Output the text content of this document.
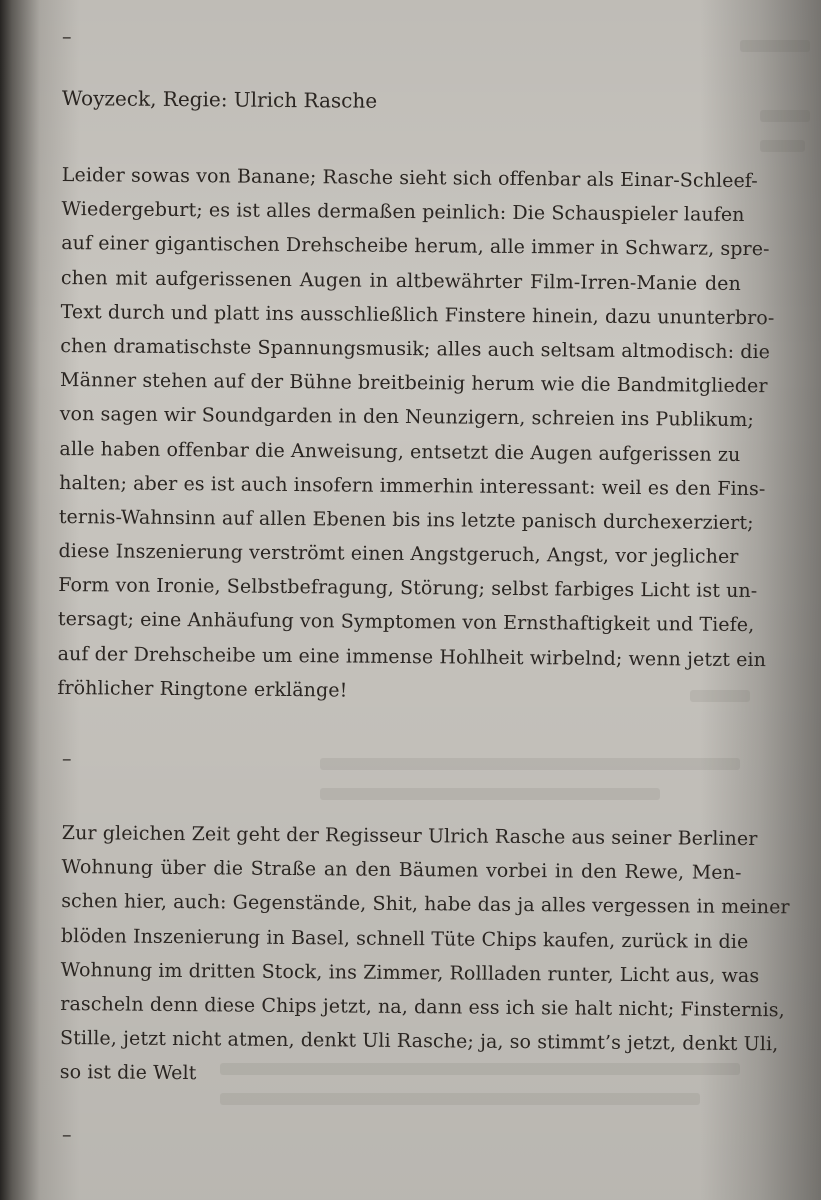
–
Woyzeck, Regie: Ulrich Rasche
Leider sowas von Banane; Rasche sieht sich offenbar als Einar-Schleef-
Wiedergeburt; es ist alles dermaßen peinlich: Die Schauspieler laufen
auf einer gigantischen Drehscheibe herum, alle immer in Schwarz, spre-
chen mit aufgerissenen Augen in altbewährter Film-Irren-Manie den
Text durch und platt ins ausschließlich Finstere hinein, dazu ununterbro-
chen dramatischste Spannungsmusik; alles auch seltsam altmodisch: die
Männer stehen auf der Bühne breitbeinig herum wie die Bandmitglieder
von sagen wir Soundgarden in den Neunzigern, schreien ins Publikum;
alle haben offenbar die Anweisung, entsetzt die Augen aufgerissen zu
halten; aber es ist auch insofern immerhin interessant: weil es den Fins-
ternis-Wahnsinn auf allen Ebenen bis ins letzte panisch durchexerziert;
diese Inszenierung verströmt einen Angstgeruch, Angst, vor jeglicher
Form von Ironie, Selbstbefragung, Störung; selbst farbiges Licht ist un-
tersagt; eine Anhäufung von Symptomen von Ernsthaftigkeit und Tiefe,
auf der Drehscheibe um eine immense Hohlheit wirbelnd; wenn jetzt ein
fröhlicher Ringtone erklänge!
–
Zur gleichen Zeit geht der Regisseur Ulrich Rasche aus seiner Berliner
Wohnung über die Straße an den Bäumen vorbei in den Rewe, Men-
schen hier, auch: Gegenstände, Shit, habe das ja alles vergessen in meiner
blöden Inszenierung in Basel, schnell Tüte Chips kaufen, zurück in die
Wohnung im dritten Stock, ins Zimmer, Rollladen runter, Licht aus, was
rascheln denn diese Chips jetzt, na, dann ess ich sie halt nicht; Finsternis,
Stille, jetzt nicht atmen, denkt Uli Rasche; ja, so stimmt’s jetzt, denkt Uli,
so ist die Welt
–
